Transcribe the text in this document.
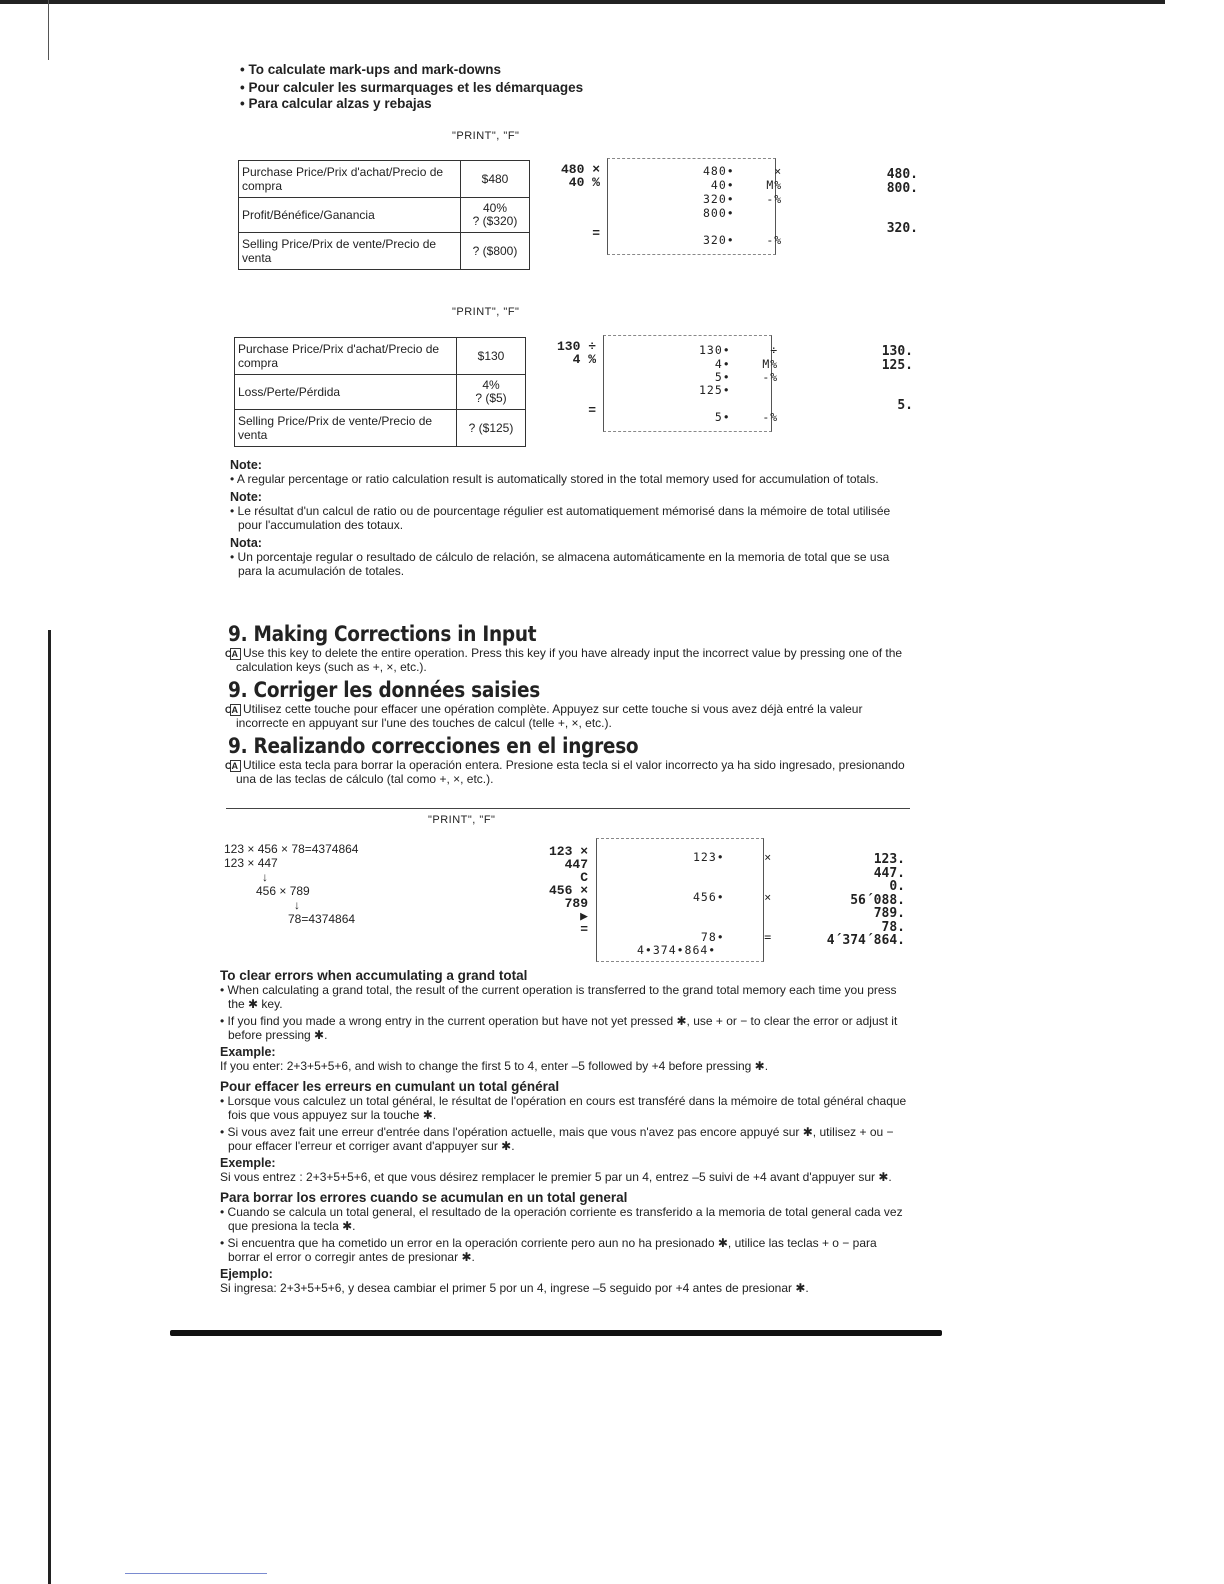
• To calculate mark-ups and mark-downs
• Pour calculer les surmarquages et les démarquages
• Para calcular alzas y rebajas
"PRINT", "F"
Purchase Price/Prix d'achat/Precio de compra	$480
Profit/Bénéfice/Ganancia	40%
? ($320)
Selling Price/Prix de vente/Precio de venta	? ($800)
480 ×
40 %
=
480•     ×
40•    M%
320•    -%
800•
320•    -%
480.
800.
320.
"PRINT", "F"
Purchase Price/Prix d'achat/Precio de compra	$130
Loss/Perte/Pérdida	4%
? ($5)
Selling Price/Prix de vente/Precio de venta	? ($125)
130 ÷
4 %
=
130•     ÷
4•    M%
5•    -%
125•
5•    -%
130.
125.
5.
Note:
• A regular percentage or ratio calculation result is automatically stored in the total memory used for accumulation of totals.
Note:
• Le résultat d'un calcul de ratio ou de pourcentage régulier est automatiquement mémorisé dans la mémoire de total utilisée pour l'accumulation des totaux.
Nota:
• Un porcentaje regular o resultado de cálculo de relación, se almacena automáticamente en la memoria de total que se usa para la acumulación de totales.
9. Making Corrections in Input
CA Use this key to delete the entire operation. Press this key if you have already input the incorrect value by pressing one of the calculation keys (such as +, ×, etc.).
9. Corriger les données saisies
CA Utilisez cette touche pour effacer une opération complète. Appuyez sur cette touche si vous avez déjà entré la valeur incorrecte en appuyant sur l'une des touches de calcul (telle +, ×, etc.).
9. Realizando correcciones en el ingreso
CA Utilice esta tecla para borrar la operación entera. Presione esta tecla si el valor incorrecto ya ha sido ingresado, presionando una de las teclas de cálculo (tal como +, ×, etc.).
"PRINT", "F"
123 × 456 × 78=4374864
123 × 447
↓
456 × 789
↓
78=4374864
123 ×
447
C
456 ×
789
▶
=
123•     ×
456•     ×
78•     =
4•374•864•
123.
447.
0.
56´088.
789.
78.
4´374´864.
To clear errors when accumulating a grand total
• When calculating a grand total, the result of the current operation is transferred to the grand total memory each time you press the ✱ key.
• If you find you made a wrong entry in the current operation but have not yet pressed ✱, use + or − to clear the error or adjust it before pressing ✱.
Example:
If you enter: 2+3+5+5+6, and wish to change the first 5 to 4, enter –5 followed by +4 before pressing ✱.
Pour effacer les erreurs en cumulant un total général
• Lorsque vous calculez un total général, le résultat de l'opération en cours est transféré dans la mémoire de total général chaque fois que vous appuyez sur la touche ✱.
• Si vous avez fait une erreur d'entrée dans l'opération actuelle, mais que vous n'avez pas encore appuyé sur ✱, utilisez + ou − pour effacer l'erreur et corriger avant d'appuyer sur ✱.
Exemple:
Si vous entrez : 2+3+5+5+6, et que vous désirez remplacer le premier 5 par un 4, entrez –5 suivi de +4 avant d'appuyer sur ✱.
Para borrar los errores cuando se acumulan en un total general
• Cuando se calcula un total general, el resultado de la operación corriente es transferido a la memoria de total general cada vez que presiona la tecla ✱.
• Si encuentra que ha cometido un error en la operación corriente pero aun no ha presionado ✱, utilice las teclas + o − para borrar el error o corregir antes de presionar ✱.
Ejemplo:
Si ingresa: 2+3+5+5+6, y desea cambiar el primer 5 por un 4, ingrese –5 seguido por +4 antes de presionar ✱.
